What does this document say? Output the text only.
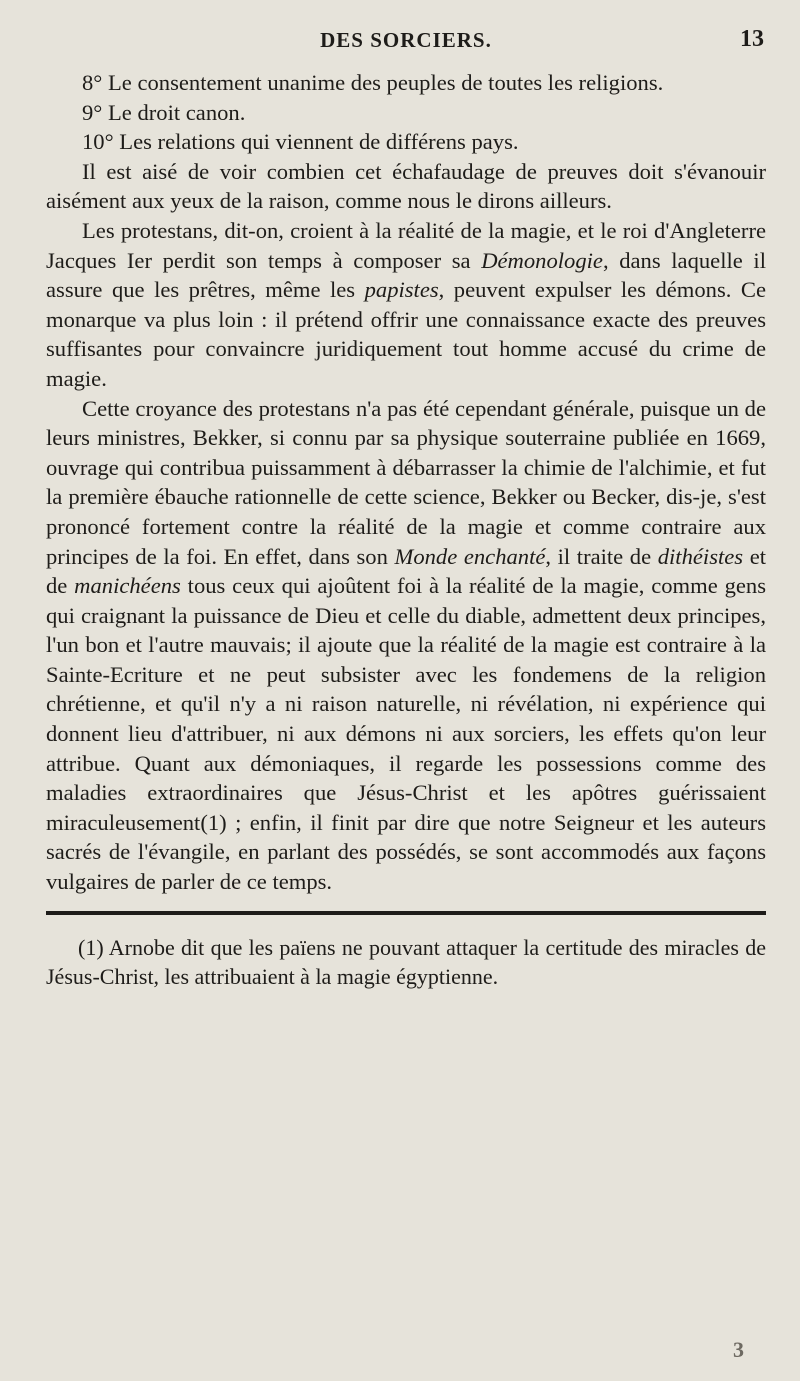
DES SORCIERS.	13

8° Le consentement unanime des peuples de toutes les religions.

9° Le droit canon.

10° Les relations qui viennent de différens pays.

Il est aisé de voir combien cet échafaudage de preuves doit s'évanouir aisément aux yeux de la raison, comme nous le dirons ailleurs.

Les protestans, dit-on, croient à la réalité de la magie, et le roi d'Angleterre Jacques Ier perdit son temps à composer sa Démonologie, dans laquelle il assure que les prêtres, même les papistes, peuvent expulser les démons. Ce monarque va plus loin : il prétend offrir une connaissance exacte des preuves suffisantes pour convaincre juridiquement tout homme accusé du crime de magie.

Cette croyance des protestans n'a pas été cependant générale, puisque un de leurs ministres, Bekker, si connu par sa physique souterraine publiée en 1669, ouvrage qui contribua puissamment à débarrasser la chimie de l'alchimie, et fut la première ébauche rationnelle de cette science, Bekker ou Becker, dis-je, s'est prononcé fortement contre la réalité de la magie et comme contraire aux principes de la foi. En effet, dans son Monde enchanté, il traite de dithéistes et de manichéens tous ceux qui ajoûtent foi à la réalité de la magie, comme gens qui craignant la puissance de Dieu et celle du diable, admettent deux principes, l'un bon et l'autre mauvais; il ajoute que la réalité de la magie est contraire à la Sainte-Ecriture et ne peut subsister avec les fondemens de la religion chrétienne, et qu'il n'y a ni raison naturelle, ni révélation, ni expérience qui donnent lieu d'attribuer, ni aux démons ni aux sorciers, les effets qu'on leur attribue. Quant aux démoniaques, il regarde les possessions comme des maladies extraordinaires que Jésus-Christ et les apôtres guérissaient miraculeusement(1) ; enfin, il finit par dire que notre Seigneur et les auteurs sacrés de l'évangile, en parlant des possédés, se sont accommodés aux façons vulgaires de parler de ce temps.

(1) Arnobe dit que les païens ne pouvant attaquer la certitude des miracles de Jésus-Christ, les attribuaient à la magie égyptienne.

3
